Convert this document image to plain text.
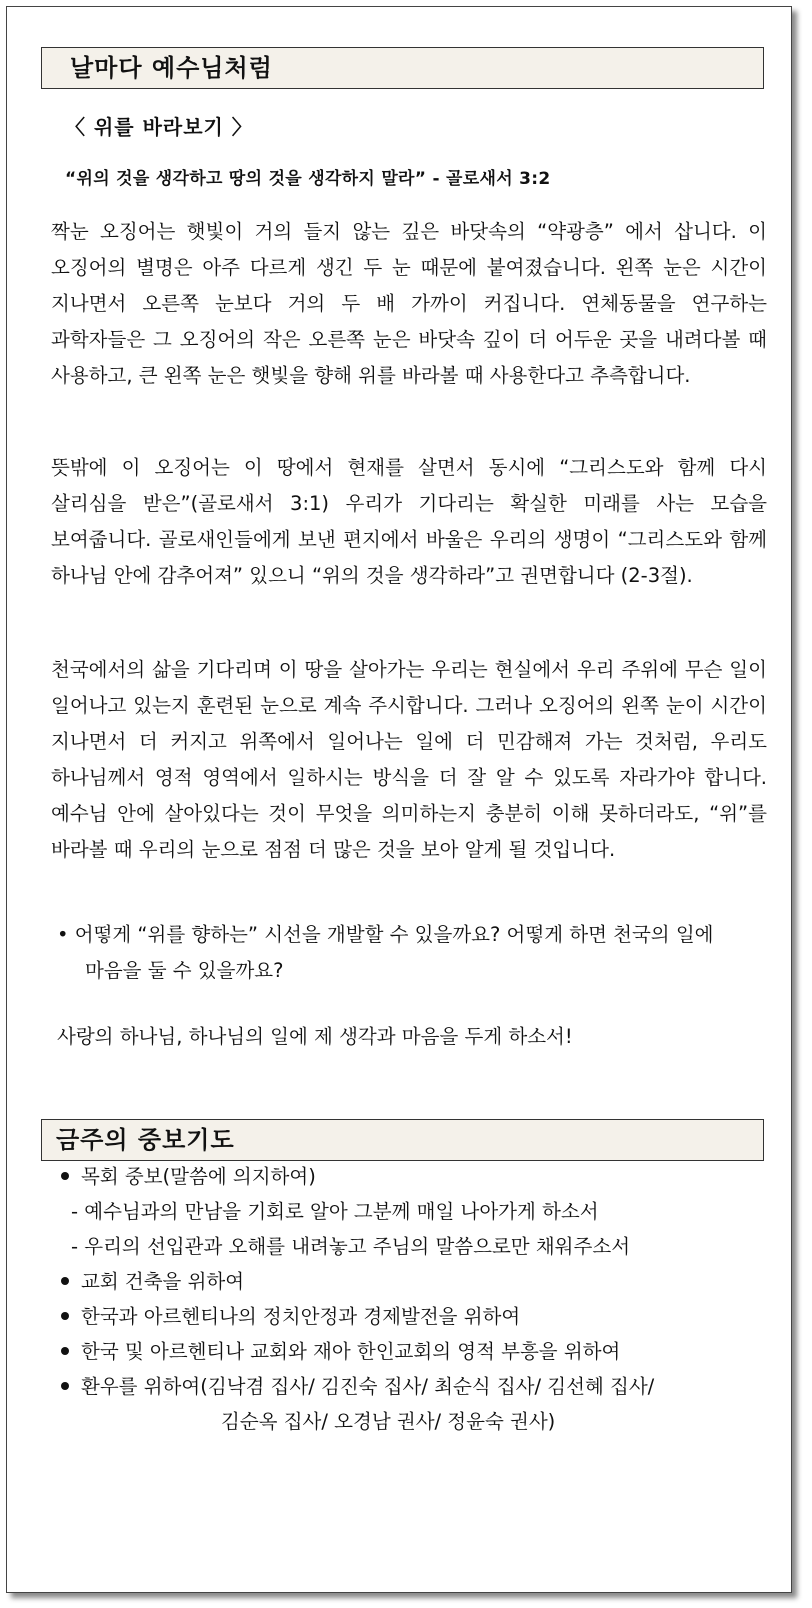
날마다 예수님처럼
〈 위를 바라보기 〉
“위의 것을 생각하고 땅의 것을 생각하지 말라” - 골로새서 3:2
짝눈 오징어는 햇빛이 거의 들지 않는 깊은 바닷속의 “약광층” 에서 삽니다. 이 오징어의 별명은 아주 다르게 생긴 두 눈 때문에 붙여졌습니다. 왼쪽 눈은 시간이 지나면서 오른쪽 눈보다 거의 두 배 가까이 커집니다. 연체동물을 연구하는 과학자들은 그 오징어의 작은 오른쪽 눈은 바닷속 깊이 더 어두운 곳을 내려다볼 때 사용하고, 큰 왼쪽 눈은 햇빛을 향해 위를 바라볼 때 사용한다고 추측합니다.
뜻밖에 이 오징어는 이 땅에서 현재를 살면서 동시에 “그리스도와 함께 다시 살리심을 받은”(골로새서 3:1) 우리가 기다리는 확실한 미래를 사는 모습을 보여줍니다. 골로새인들에게 보낸 편지에서 바울은 우리의 생명이 “그리스도와 함께 하나님 안에 감추어져” 있으니 “위의 것을 생각하라”고 권면합니다 (2-3절).
천국에서의 삶을 기다리며 이 땅을 살아가는 우리는 현실에서 우리 주위에 무슨 일이 일어나고 있는지 훈련된 눈으로 계속 주시합니다. 그러나 오징어의 왼쪽 눈이 시간이 지나면서 더 커지고 위쪽에서 일어나는 일에 더 민감해져 가는 것처럼, 우리도 하나님께서 영적 영역에서 일하시는 방식을 더 잘 알 수 있도록 자라가야 합니다. 예수님 안에 살아있다는 것이 무엇을 의미하는지 충분히 이해 못하더라도, “위”를 바라볼 때 우리의 눈으로 점점 더 많은 것을 보아 알게 될 것입니다.
• 어떻게 “위를 향하는” 시선을 개발할 수 있을까요? 어떻게 하면 천국의 일에 마음을 둘 수 있을까요?
사랑의 하나님, 하나님의 일에 제 생각과 마음을 두게 하소서!
금주의 중보기도
목회 중보(말씀에 의지하여)
- 예수님과의 만남을 기회로 알아 그분께 매일 나아가게 하소서
- 우리의 선입관과 오해를 내려놓고 주님의 말씀으로만 채워주소서
교회 건축을 위하여
한국과 아르헨티나의 정치안정과 경제발전을 위하여
한국 및 아르헨티나 교회와 재아 한인교회의 영적 부흥을 위하여
환우를 위하여(김낙겸 집사/ 김진숙 집사/ 최순식 집사/ 김선혜 집사/
김순옥 집사/ 오경남 권사/ 정윤숙 권사)
